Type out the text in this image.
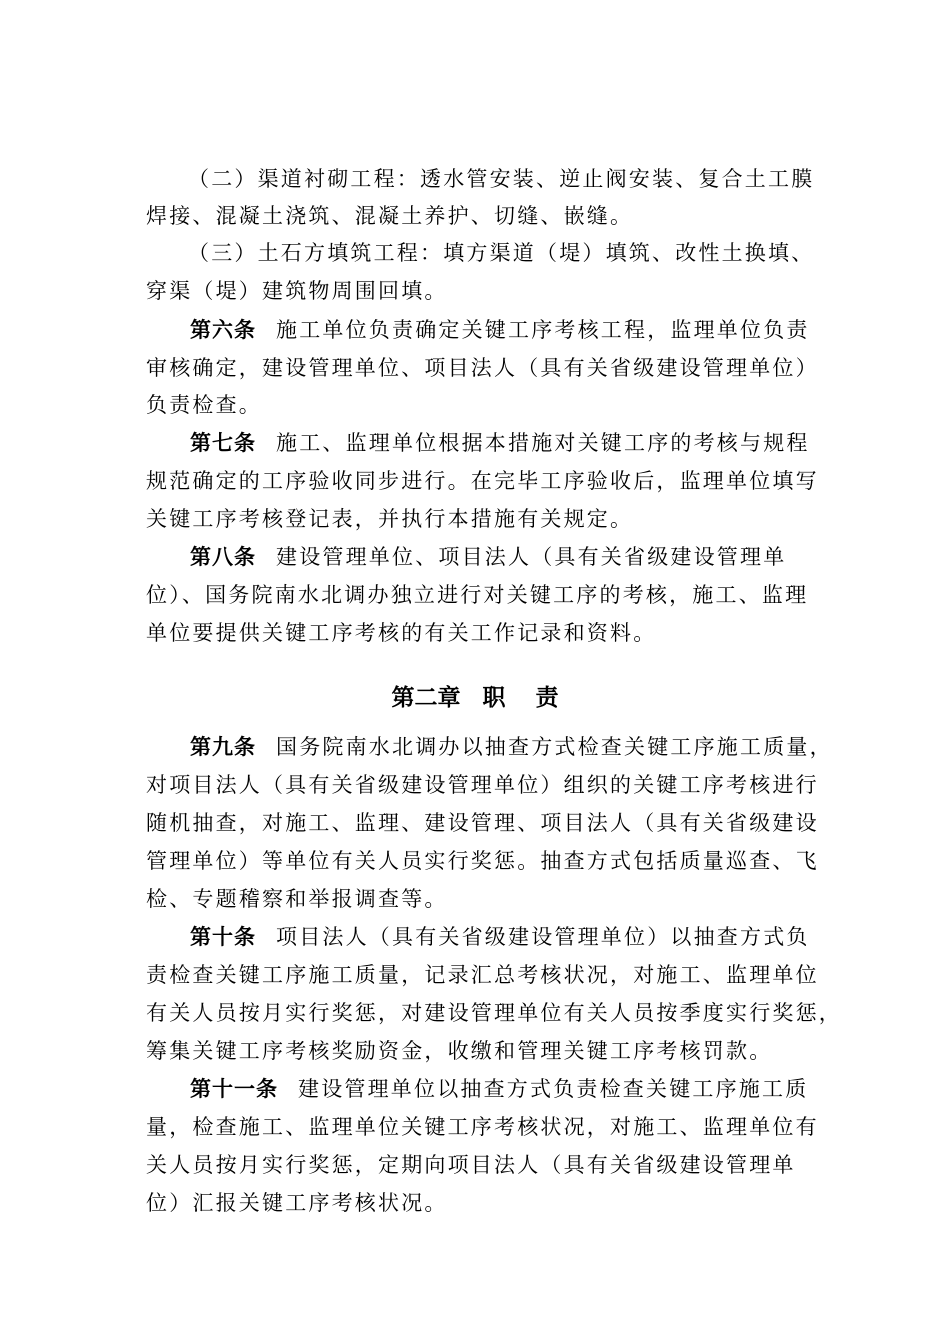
（二）渠道衬砌工程：透水管安装、逆止阀安装、复合土工膜
焊接、混凝土浇筑、混凝土养护、切缝、嵌缝。
（三）土石方填筑工程：填方渠道（堤）填筑、改性土换填、
穿渠（堤）建筑物周围回填。
第六条 施工单位负责确定关键工序考核工程，监理单位负责
审核确定，建设管理单位、项目法人（具有关省级建设管理单位）
负责检查。
第七条 施工、监理单位根据本措施对关键工序的考核与规程
规范确定的工序验收同步进行。在完毕工序验收后，监理单位填写
关键工序考核登记表，并执行本措施有关规定。
第八条 建设管理单位、项目法人（具有关省级建设管理单
位）、国务院南水北调办独立进行对关键工序的考核，施工、监理
单位要提供关键工序考核的有关工作记录和资料。
第二章 职 责
第九条 国务院南水北调办以抽查方式检查关键工序施工质量，
对项目法人（具有关省级建设管理单位）组织的关键工序考核进行
随机抽查，对施工、监理、建设管理、项目法人（具有关省级建设
管理单位）等单位有关人员实行奖惩。抽查方式包括质量巡查、飞
检、专题稽察和举报调查等。
第十条 项目法人（具有关省级建设管理单位）以抽查方式负
责检查关键工序施工质量，记录汇总考核状况，对施工、监理单位
有关人员按月实行奖惩，对建设管理单位有关人员按季度实行奖惩，
筹集关键工序考核奖励资金，收缴和管理关键工序考核罚款。
第十一条 建设管理单位以抽查方式负责检查关键工序施工质
量，检查施工、监理单位关键工序考核状况，对施工、监理单位有
关人员按月实行奖惩，定期向项目法人（具有关省级建设管理单
位）汇报关键工序考核状况。
